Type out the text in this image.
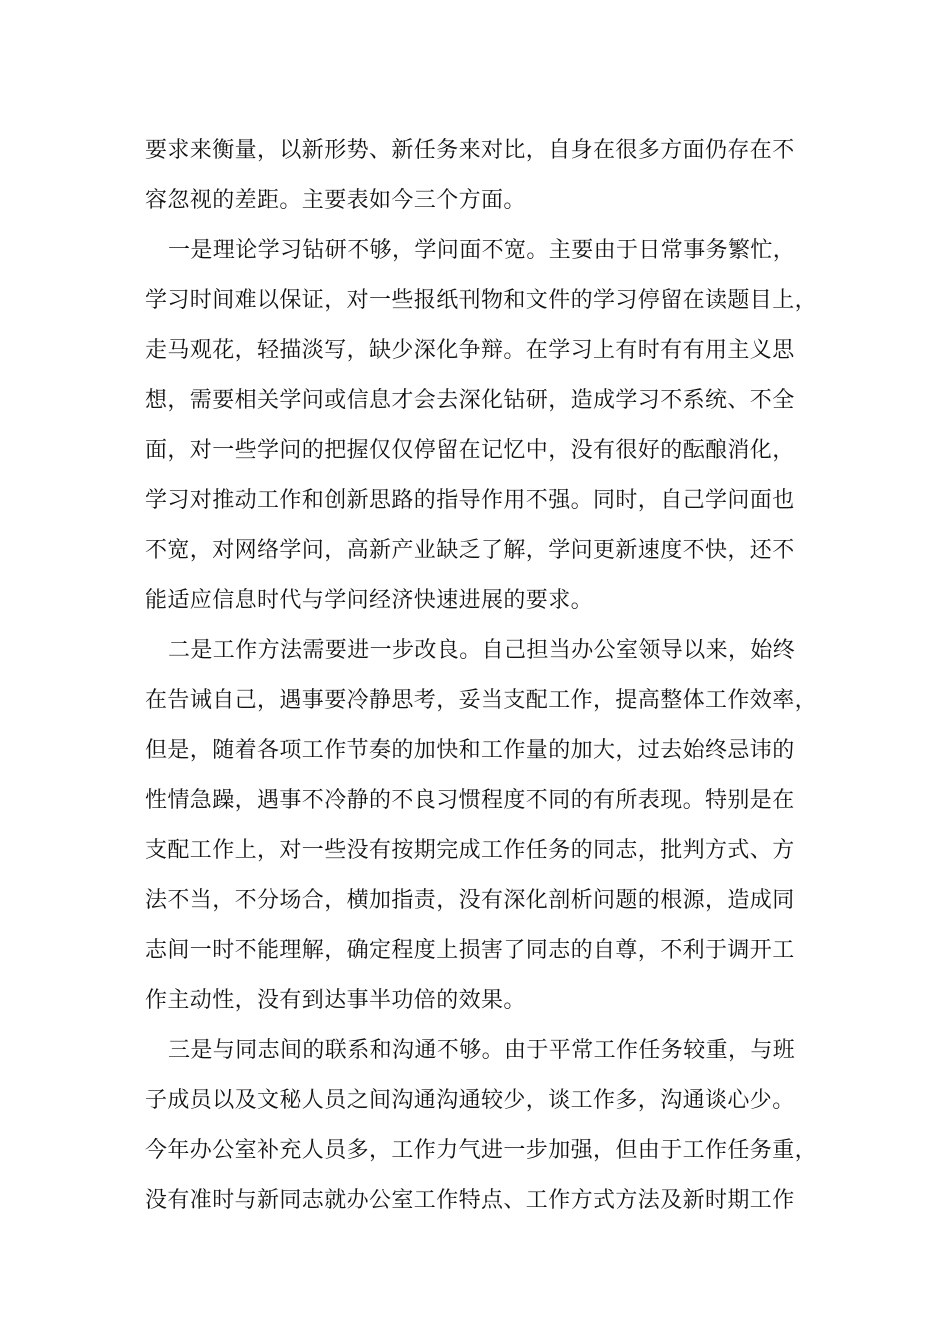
要求来衡量，以新形势、新任务来对比，自身在很多方面仍存在不
容忽视的差距。主要表如今三个方面。
一是理论学习钻研不够，学问面不宽。主要由于日常事务繁忙，
学习时间难以保证，对一些报纸刊物和文件的学习停留在读题目上，
走马观花，轻描淡写，缺少深化争辩。在学习上有时有有用主义思
想，需要相关学问或信息才会去深化钻研，造成学习不系统、不全
面，对一些学问的把握仅仅停留在记忆中，没有很好的酝酿消化，
学习对推动工作和创新思路的指导作用不强。同时，自己学问面也
不宽，对网络学问，高新产业缺乏了解，学问更新速度不快，还不
能适应信息时代与学问经济快速进展的要求。
二是工作方法需要进一步改良。自己担当办公室领导以来，始终
在告诫自己，遇事要冷静思考，妥当支配工作，提高整体工作效率，
但是，随着各项工作节奏的加快和工作量的加大，过去始终忌讳的
性情急躁，遇事不冷静的不良习惯程度不同的有所表现。特别是在
支配工作上，对一些没有按期完成工作任务的同志，批判方式、方
法不当，不分场合，横加指责，没有深化剖析问题的根源，造成同
志间一时不能理解，确定程度上损害了同志的自尊，不利于调开工
作主动性，没有到达事半功倍的效果。
三是与同志间的联系和沟通不够。由于平常工作任务较重，与班
子成员以及文秘人员之间沟通沟通较少，谈工作多，沟通谈心少。
今年办公室补充人员多，工作力气进一步加强，但由于工作任务重，
没有准时与新同志就办公室工作特点、工作方式方法及新时期工作
